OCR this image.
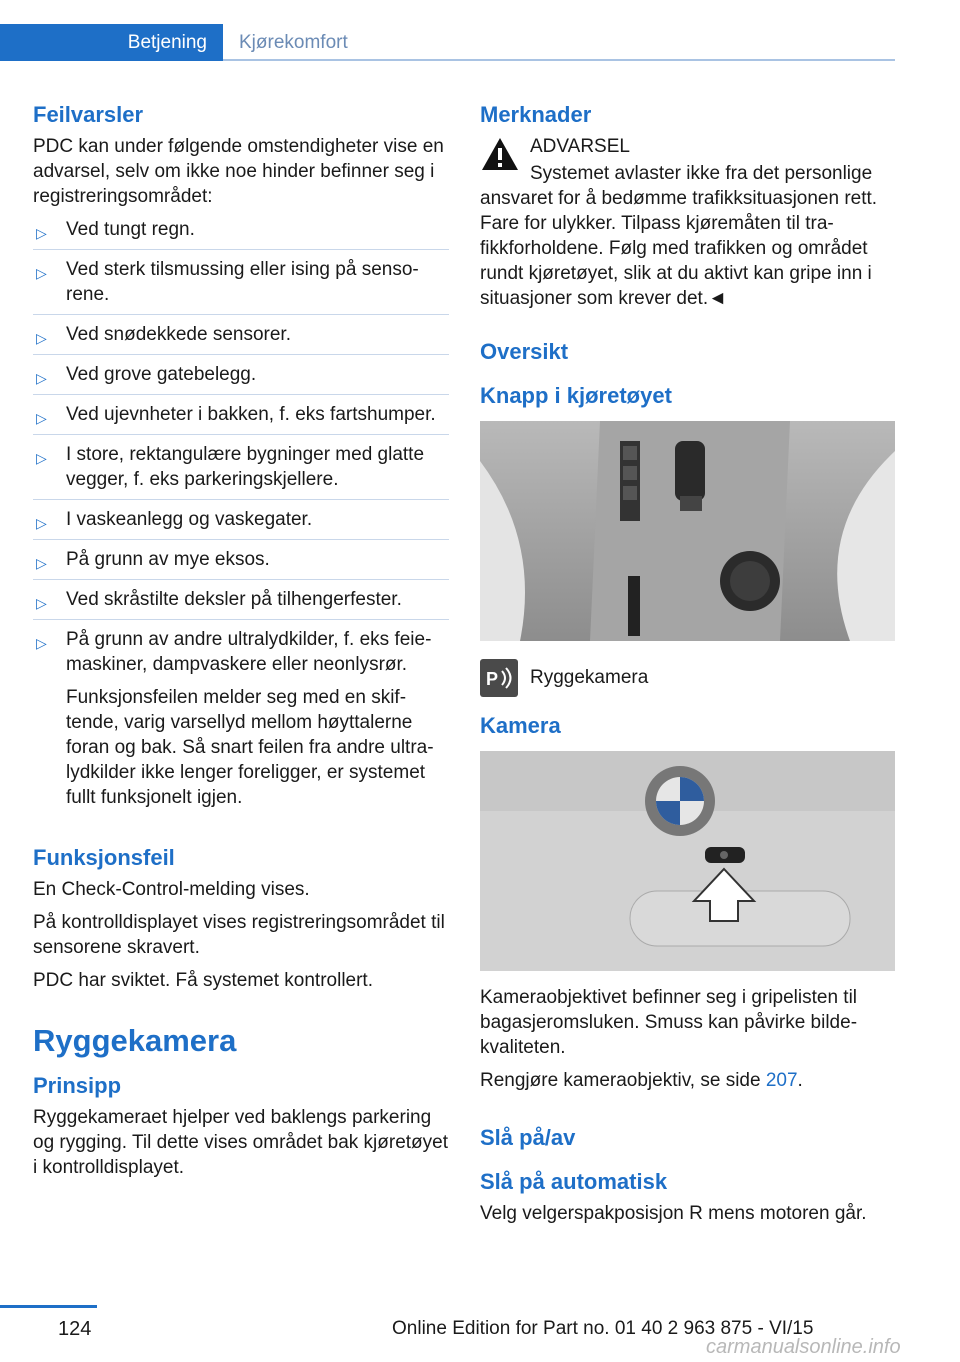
Betjening	Kjørekomfort
Feilvarsler

PDC kan under følgende omstendigheter vise en advarsel, selv om ikke noe hinder befinner seg i registreringsområdet:

▷ Ved tungt regn.
▷ Ved sterk tilsmussing eller ising på sensorene.
▷ Ved snødekkede sensorer.
▷ Ved grove gatebelegg.
▷ Ved ujevnheter i bakken, f. eks fartshumper.
▷ I store, rektangulære bygninger med glatte vegger, f. eks parkeringskjellere.
▷ I vaskeanlegg og vaskegater.
▷ På grunn av mye eksos.
▷ Ved skråstilte deksler på tilhengerfester.
▷ På grunn av andre ultralydkilder, f. eks feiemaskiner, dampvaskere eller neonlysrør.
Funksjonsfeilen melder seg med en skiftende, varig varsellyd mellom høyttalerne foran og bak. Så snart feilen fra andre ultralydkilder ikke lenger foreligger, er systemet fullt funksjonelt igjen.
Funksjonsfeil

En Check-Control-melding vises.

På kontrolldisplayet vises registreringsområdet til sensorene skravert.

PDC har sviktet. Få systemet kontrollert.

Ryggekamera
Prinsipp

Ryggekameraet hjelper ved baklengs parkering og rygging. Til dette vises området bak kjøretøyet i kontrolldisplayet.

Merknader
ADVARSEL
Systemet avlaster ikke fra det personlige
ansvaret for å bedømme trafikksituasjonen rett. Fare for ulykker. Tilpass kjøremåten til trafikkforholdene. Følg med trafikken og området rundt kjøretøyet, slik at du aktivt kan gripe inn i situasjoner som krever det.◄
Oversikt
Knapp i kjøretøyet
P Ryggekamera
Kamera

Kameraobjektivet befinner seg i gripelisten til bagasjeromsluken. Smuss kan påvirke bildekvaliteten.

Rengjøre kameraobjektiv, se side 207.

Slå på/av
Slå på automatisk

Velg velgerspakposisjon R mens motoren går.

124	Online Edition for Part no. 01 40 2 963 875 - VI/15
carmanualsonline.info
